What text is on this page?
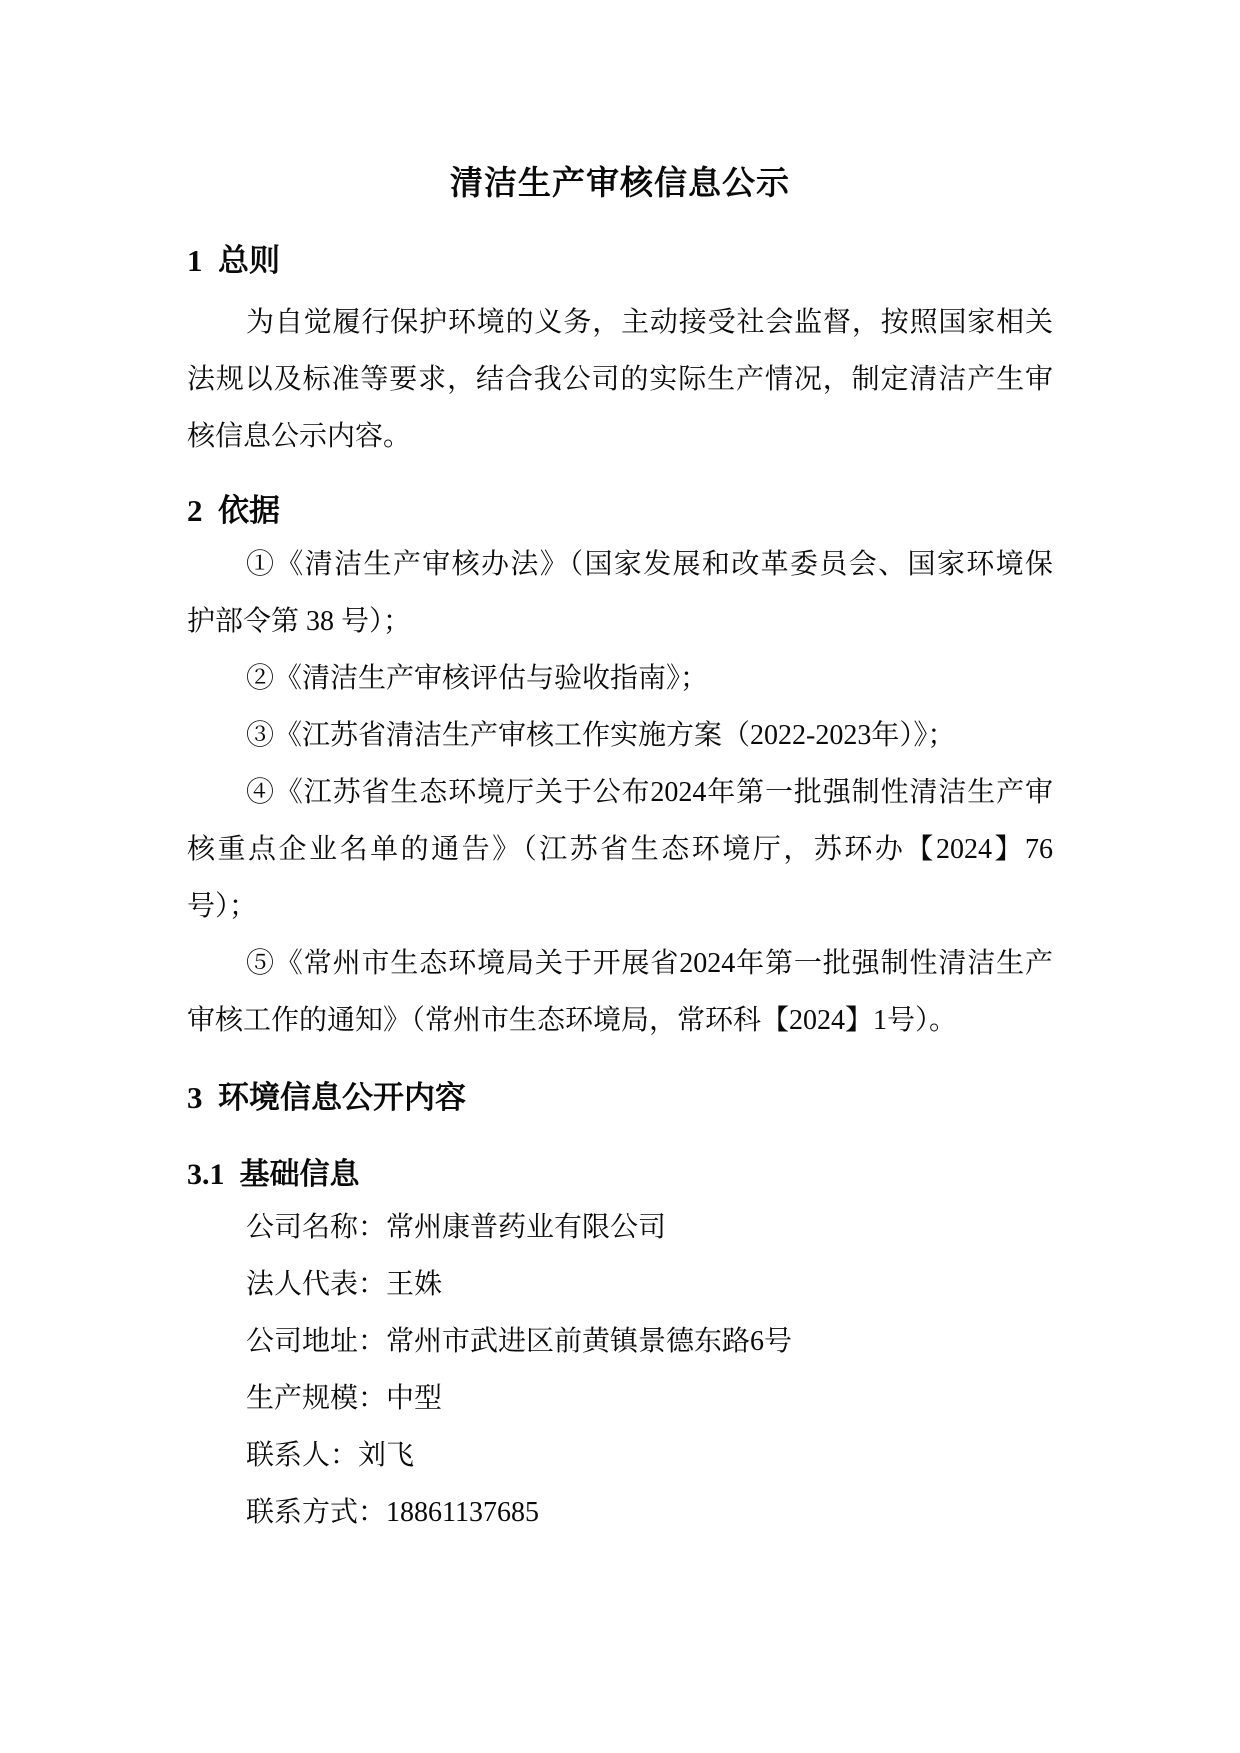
清洁生产审核信息公示
1  总则
为自觉履行保护环境的义务，主动接受社会监督，按照国家相关
法规以及标准等要求，结合我公司的实际生产情况，制定清洁产生审
核信息公示内容。
2  依据
①《清洁生产审核办法》（国家发展和改革委员会、国家环境保
护部令第 38 号）；
②《清洁生产审核评估与验收指南》；
③《江苏省清洁生产审核工作实施方案（2022-2023年）》；
④《江苏省生态环境厅关于公布2024年第一批强制性清洁生产审
核重点企业名单的通告》（江苏省生态环境厅，苏环办【2024】76
号）；
⑤《常州市生态环境局关于开展省2024年第一批强制性清洁生产
审核工作的通知》（常州市生态环境局，常环科【2024】1号）。
3  环境信息公开内容
3.1  基础信息
公司名称：常州康普药业有限公司
法人代表：王姝
公司地址：常州市武进区前黄镇景德东路6号
生产规模：中型
联系人：刘飞
联系方式：18861137685
